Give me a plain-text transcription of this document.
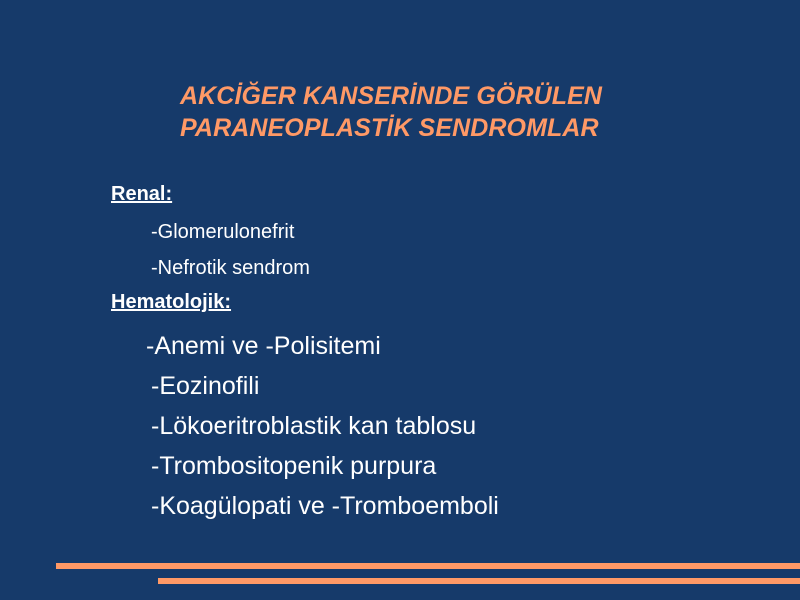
AKCİĞER KANSERİNDE GÖRÜLEN
PARANEOPLASTİK SENDROMLAR
Renal:
-Glomerulonefrit
-Nefrotik sendrom
Hematolojik:
-Anemi ve -Polisitemi
-Eozinofili
-Lökoeritroblastik kan tablosu
-Trombositopenik purpura
-Koagülopati ve -Tromboemboli
